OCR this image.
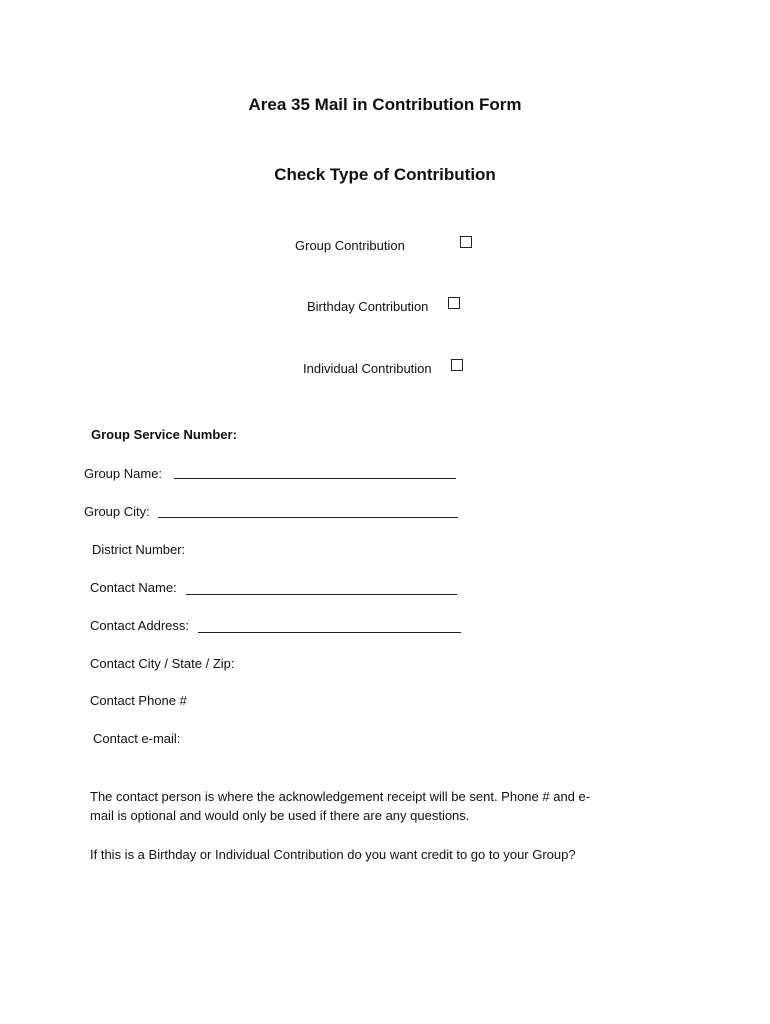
Area 35 Mail in Contribution Form
Check Type of Contribution
Group Contribution
Birthday Contribution
Individual Contribution
Group Service Number:
Group Name:
Group City:
District Number:
Contact Name:
Contact Address:
Contact City / State / Zip:
Contact Phone #
Contact e-mail:
The contact person is where the acknowledgement receipt will be sent. Phone # and e-mail is optional and would only be used if there are any questions.
If this is a Birthday or Individual Contribution do you want credit to go to your Group?
